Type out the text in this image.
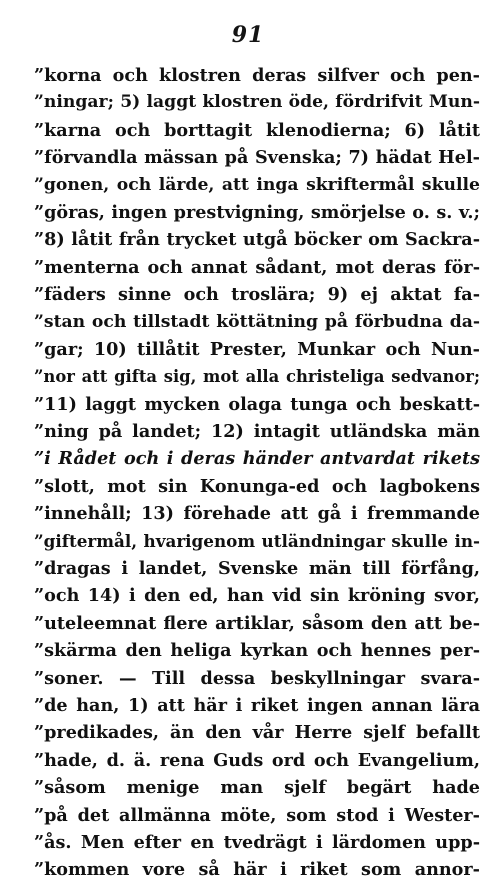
91
”korna och klostren deras silfver och pen‐
”ningar; 5) laggt klostren öde, fördrifvit Mun‐
”karna och borttagit klenodierna; 6) låtit
”förvandla mässan på Svenska; 7) hädat Hel‐
”gonen, och lärde, att inga skriftermål skulle
”göras, ingen prestvigning, smörjelse o. s. v.;
”8) låtit från trycket utgå böcker om Sackra‐
”menterna och annat sådant, mot deras för‐
”fäders sinne och troslära; 9) ej aktat fa‐
”stan och tillstadt köttätning på förbudna da‐
”gar; 10) tillåtit Prester, Munkar och Nun‐
”nor att gifta sig, mot alla christeliga sedvanor;
”11) laggt mycken olaga tunga och beskatt‐
”ning på landet; 12) intagit utländska män
”i Rådet och i deras händer antvardat rikets
”slott, mot sin Konunga-ed och lagbokens
”innehåll; 13) förehade att gå i fremmande
”giftermål, hvarigenom utländningar skulle in‐
”dragas i landet, Svenske män till förfång,
”och 14) i den ed, han vid sin kröning svor,
”uteleemnat flere artiklar, såsom den att be‐
”skärma den heliga kyrkan och hennes per‐
”soner. — Till dessa beskyllningar svara‐
”de han, 1) att här i riket ingen annan lära
”predikades, än den vår Herre sjelf befallt
”hade, d. ä. rena Guds ord och Evangelium,
”såsom menige man sjelf begärt hade
”på det allmänna möte, som stod i Wester‐
”ås. Men efter en tvedrägt i lärdomen upp‐
”kommen vore så här i riket som annor‐
